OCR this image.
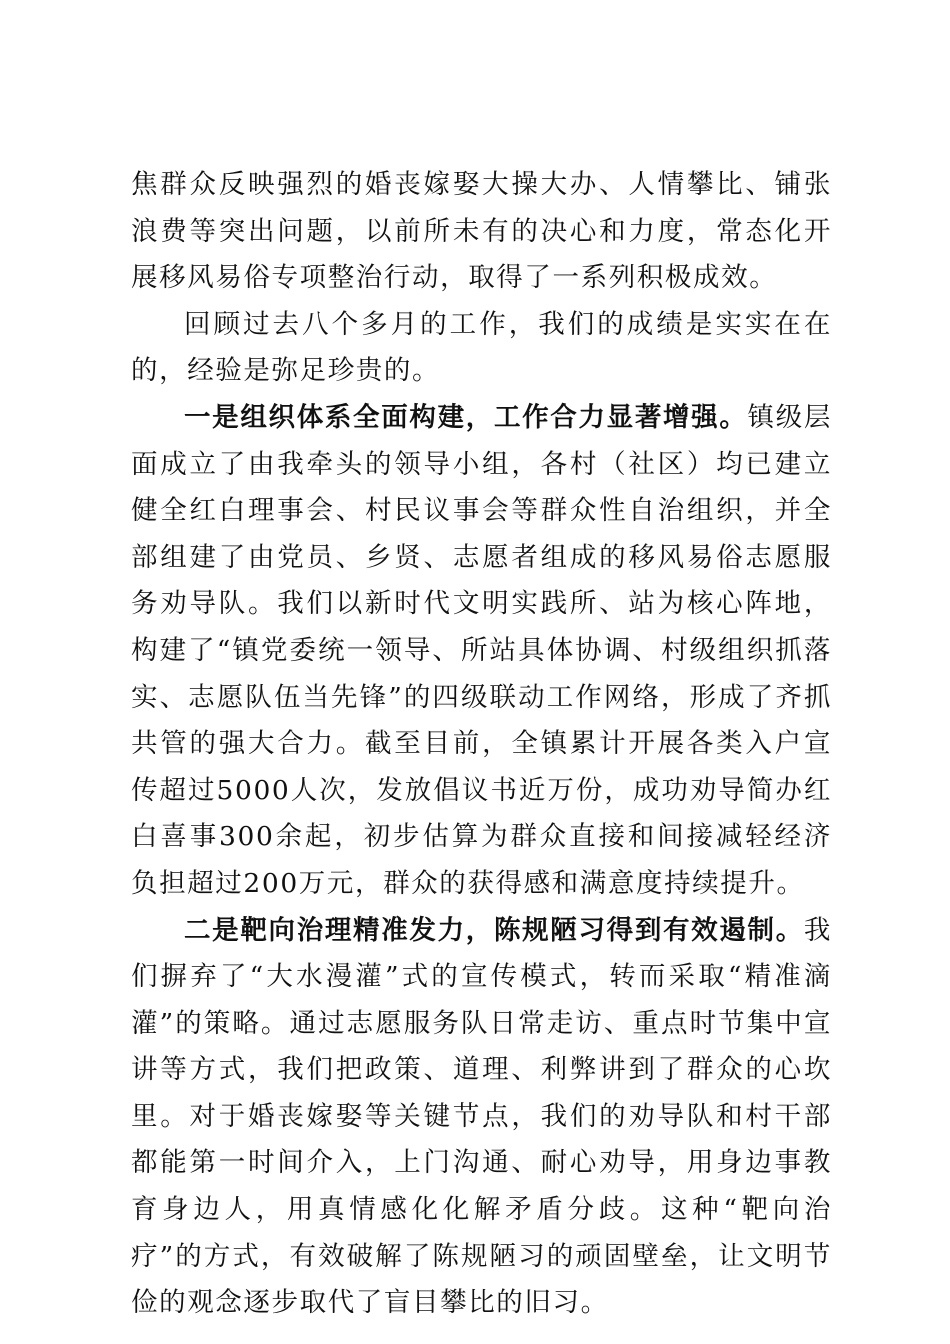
焦群众反映强烈的婚丧嫁娶大操大办、人情攀比、铺张浪费等突出问题，以前所未有的决心和力度，常态化开展移风易俗专项整治行动，取得了一系列积极成效。

回顾过去八个多月的工作，我们的成绩是实实在在的，经验是弥足珍贵的。

一是组织体系全面构建，工作合力显著增强。镇级层面成立了由我牵头的领导小组，各村（社区）均已建立健全红白理事会、村民议事会等群众性自治组织，并全部组建了由党员、乡贤、志愿者组成的移风易俗志愿服务劝导队。我们以新时代文明实践所、站为核心阵地，构建了“镇党委统一领导、所站具体协调、村级组织抓落实、志愿队伍当先锋”的四级联动工作网络，形成了齐抓共管的强大合力。截至目前，全镇累计开展各类入户宣传超过5000人次，发放倡议书近万份，成功劝导简办红白喜事300余起，初步估算为群众直接和间接减轻经济负担超过200万元，群众的获得感和满意度持续提升。

二是靶向治理精准发力，陈规陋习得到有效遏制。我们摒弃了“大水漫灌”式的宣传模式，转而采取“精准滴灌”的策略。通过志愿服务队日常走访、重点时节集中宣讲等方式，我们把政策、道理、利弊讲到了群众的心坎里。对于婚丧嫁娶等关键节点，我们的劝导队和村干部都能第一时间介入，上门沟通、耐心劝导，用身边事教育身边人，用真情感化化解矛盾分歧。这种“靶向治疗”的方式，有效破解了陈规陋习的顽固壁垒，让文明节俭的观念逐步取代了盲目攀比的旧习。
